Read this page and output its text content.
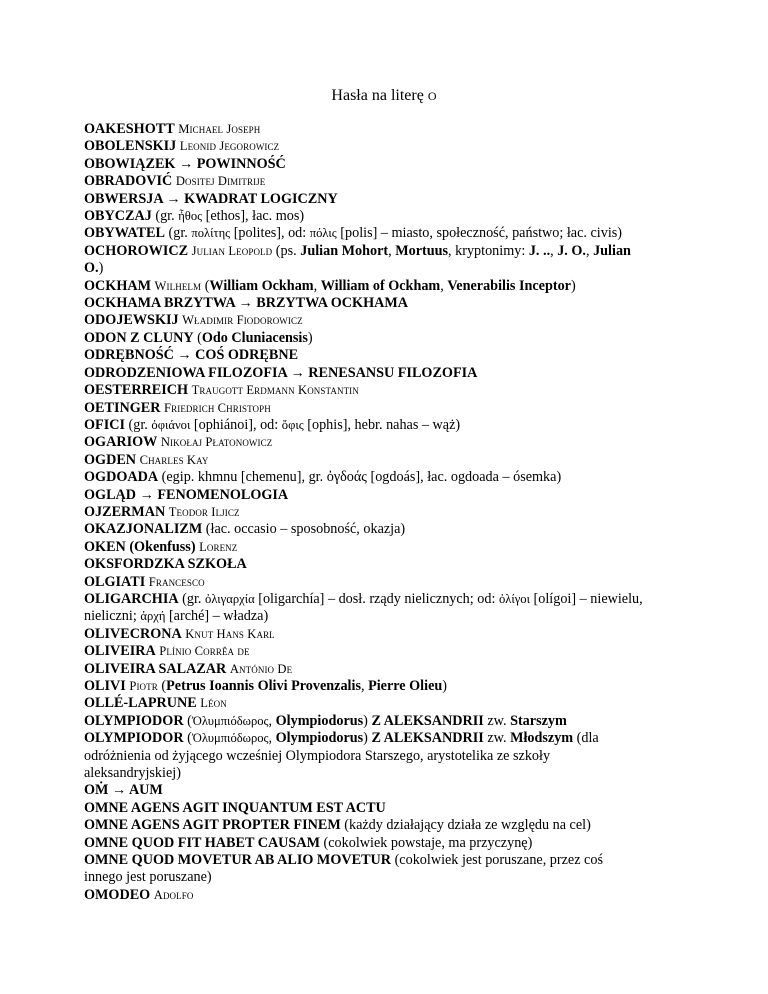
Hasła na literę O

OAKESHOTT Michael Joseph

OBOLENSKIJ Leonid Jegorowicz

OBOWIĄZEK → POWINNOŚĆ

OBRADOVIĆ Dositej Dimitrije

OBWERSJA → KWADRAT LOGICZNY

OBYCZAJ (gr. ἦθος [ethos], łac. mos)

OBYWATEL (gr. πολίτης [polites], od: πόλις [polis] – miasto, społeczność, państwo; łac. civis)

OCHOROWICZ Julian Leopold (ps. Julian Mohort, Mortuus, kryptonimy: J. .., J. O., Julian O.)

OCKHAM Wilhelm (William Ockham, William of Ockham, Venerabilis Inceptor)

OCKHAMA BRZYTWA → BRZYTWA OCKHAMA

ODOJEWSKIJ Władimir Fiodorowicz

ODON Z CLUNY (Odo Cluniacensis)

ODRĘBNOŚĆ → COŚ ODRĘBNE

ODRODZENIOWA FILOZOFIA → RENESANSU FILOZOFIA

OESTERREICH Traugott Erdmann Konstantin

OETINGER Friedrich Christoph

OFICI (gr. ὀφιάνοι [ophiánoi], od: ὄφις [ophis], hebr. nahas – wąż)

OGARIOW Nikołaj Płatonowicz

OGDEN Charles Kay

OGDOADA (egip. khmnu [chemenu], gr. ὀγδοάς [ogdoás], łac. ogdoada – ósemka)

OGLĄD → FENOMENOLOGIA

OJZERMAN Teodor Iljicz

OKAZJONALIZM (łac. occasio – sposobność, okazja)

OKEN (Okenfuss) Lorenz

OKSFORDZKA SZKOŁA

OLGIATI Francesco

OLIGARCHIA (gr. ὀλιγαρχία [oligarchía] – dosł. rządy nielicznych; od: ὀλίγοι [olígoi] – niewielu, nieliczni; ἀρχή [arché] – władza)

OLIVECRONA Knut Hans Karl

OLIVEIRA Plínio Corrêa de

OLIVEIRA SALAZAR António De

OLIVI Piotr (Petrus Ioannis Olivi Provenzalis, Pierre Olieu)

OLLÉ-LAPRUNE Léon

OLYMPIODOR (Ὀλυμπιόδωρος, Olympiodorus) Z ALEKSANDRII zw. Starszym

OLYMPIODOR (Ὀλυμπιόδωρος, Olympiodorus) Z ALEKSANDRII zw. Młodszym (dla odróżnienia od żyjącego wcześniej Olympiodora Starszego, arystotelika ze szkoły aleksandryjskiej)

OṀ → AUM

OMNE AGENS AGIT INQUANTUM EST ACTU

OMNE AGENS AGIT PROPTER FINEM (każdy działający działa ze względu na cel)

OMNE QUOD FIT HABET CAUSAM (cokolwiek powstaje, ma przyczynę)

OMNE QUOD MOVETUR AB ALIO MOVETUR (cokolwiek jest poruszane, przez coś innego jest poruszane)

OMODEO Adolfo
